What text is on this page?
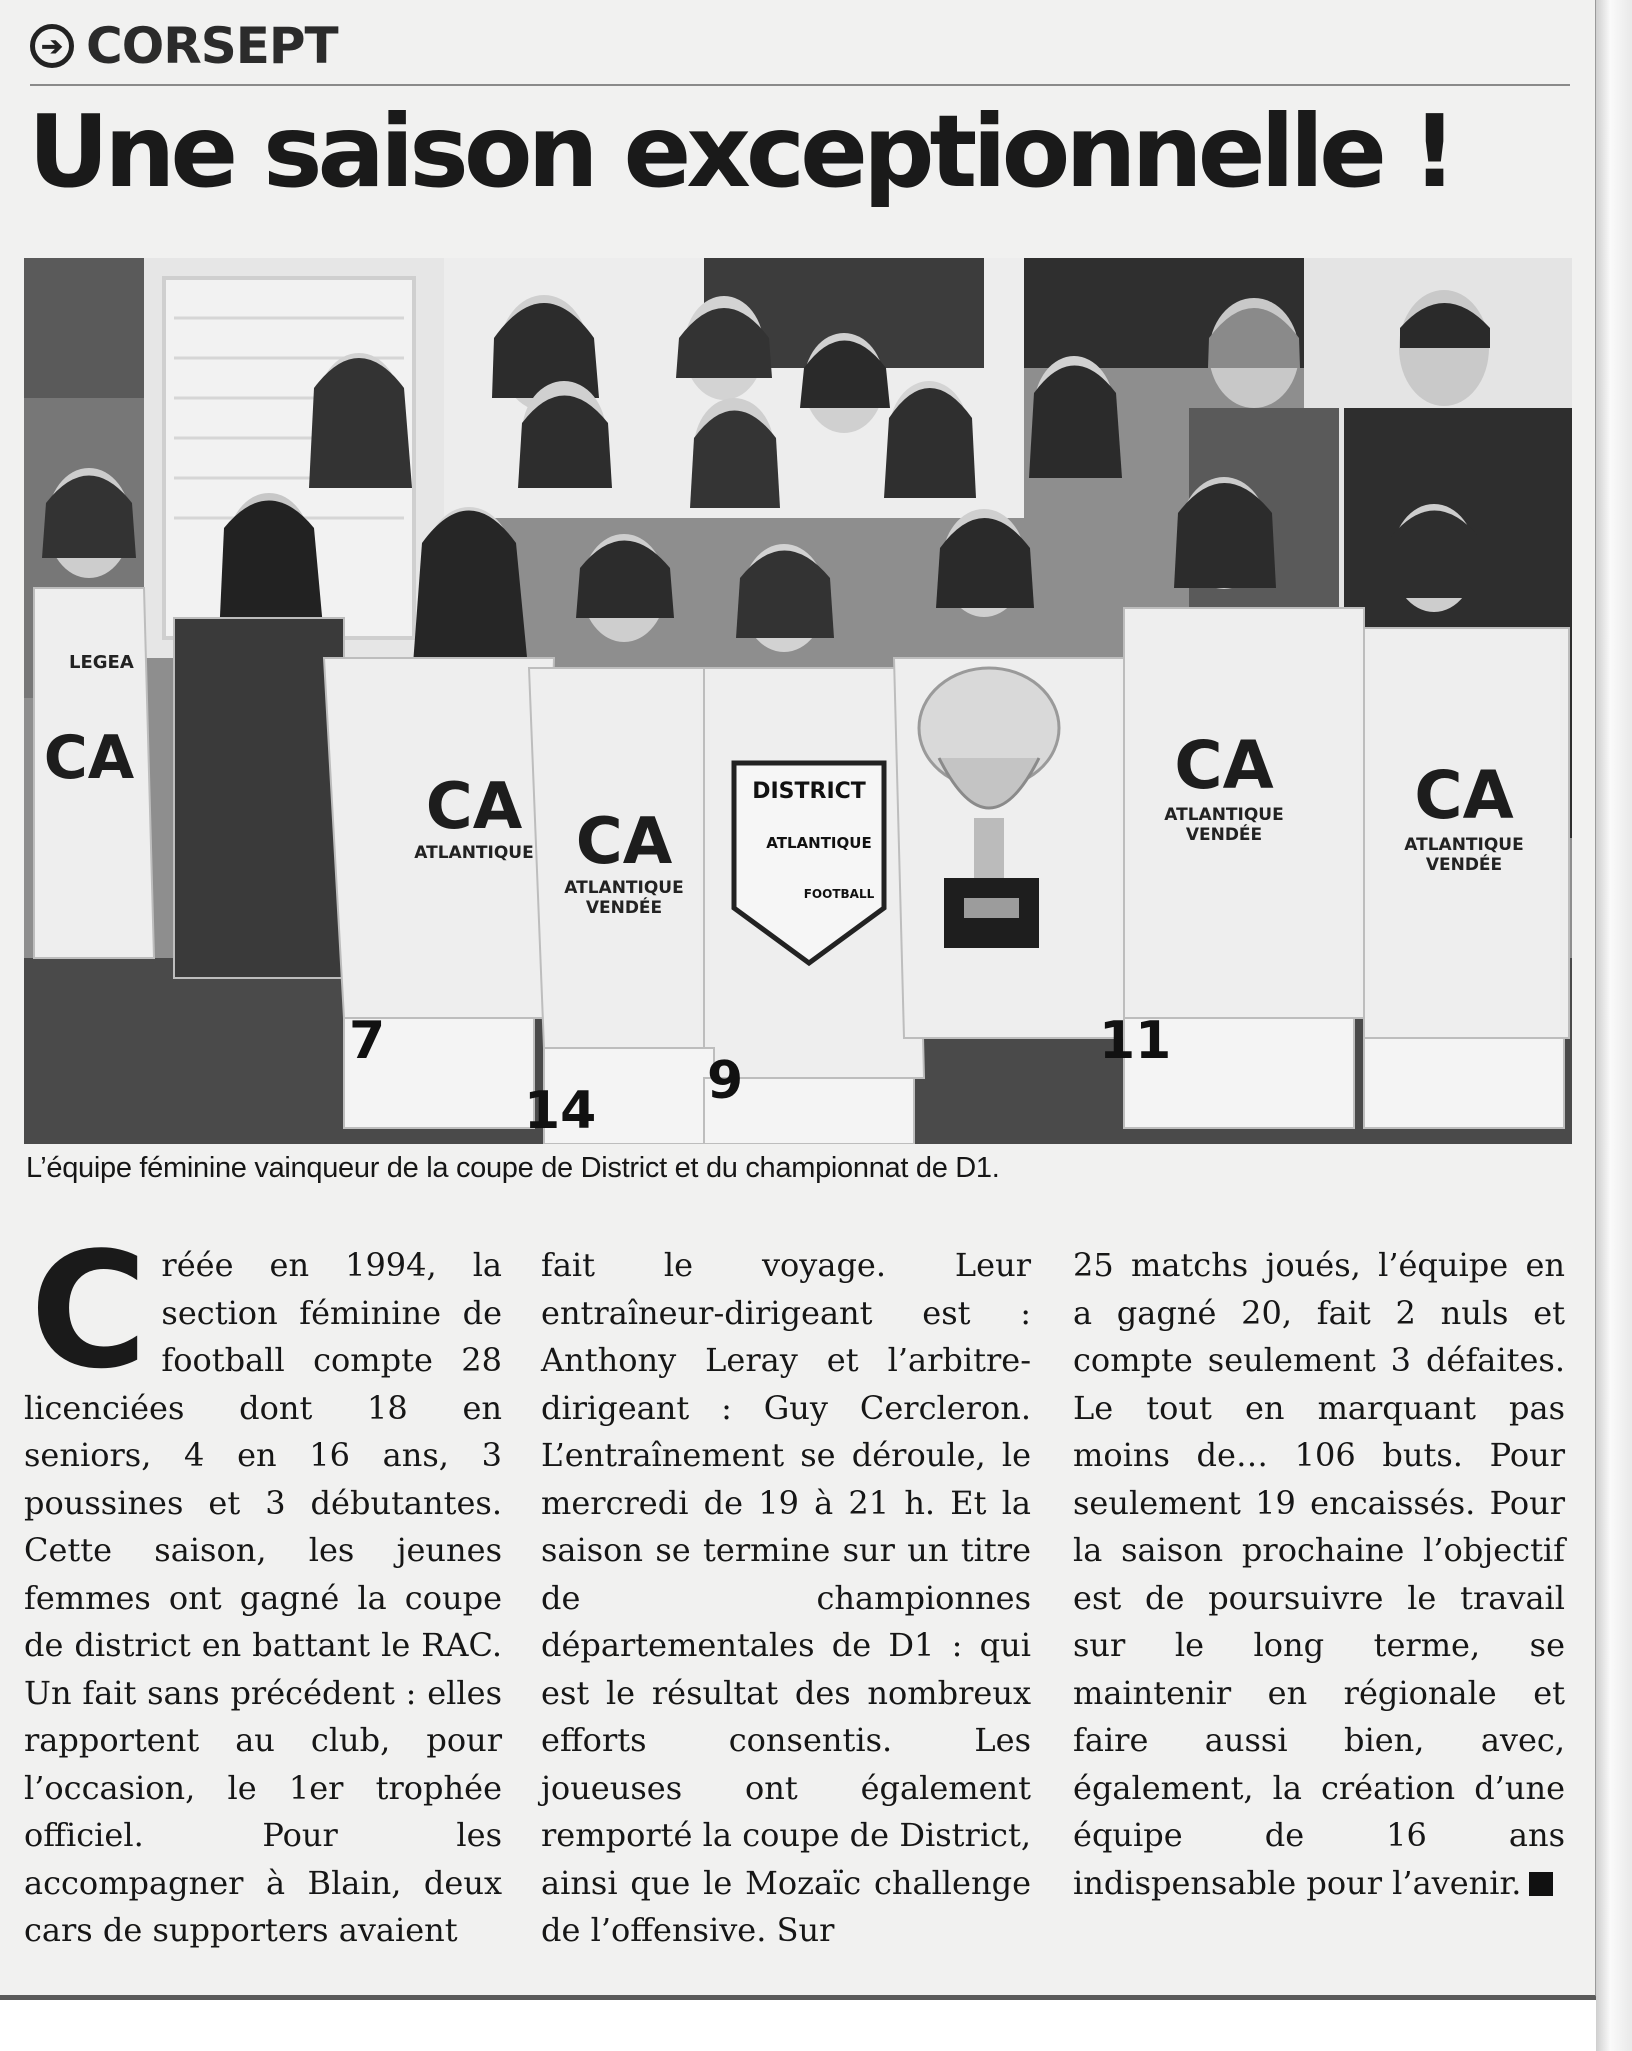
➔ CORSEPT
Une saison exceptionnelle !
CA
CA CA
CA CA
ATLANTIQUE
ATLANTIQUE
VENDÉE
ATLANTIQUE
VENDÉE	ATLANTIQUE
VENDÉE
LEGEA
DISTRICT
ATLANTIQUE
FOOTBALL
7
14 9
11

L’équipe féminine vainqueur de la coupe de District et du championnat de D1.

Créée en 1994, la section féminine de football compte 28 licenciées dont 18 en seniors, 4 en 16 ans, 3 poussines et 3 débutantes. Cette saison, les jeunes femmes ont gagné la coupe de district en battant le RAC. Un fait sans précédent : elles rapportent au club, pour l’occasion, le 1er trophée officiel. Pour les accompagner à Blain, deux cars de supporters avaient

fait le voyage. Leur entraîneur-dirigeant est : Anthony Leray et l’arbitre-dirigeant : Guy Cercleron. L’entraînement se déroule, le mercredi de 19 à 21 h. Et la saison se termine sur un titre de championnes départementales de D1 : qui est le résultat des nombreux efforts consentis. Les joueuses ont également remporté la coupe de District, ainsi que le Mozaïc challenge de l’offensive. Sur

25 matchs joués, l’équipe en a gagné 20, fait 2 nuls et compte seulement 3 défaites. Le tout en marquant pas moins de… 106 buts. Pour seulement 19 encaissés. Pour la saison prochaine l’objectif est de poursuivre le travail sur le long terme, se maintenir en régionale et faire aussi bien, avec, également, la création d’une équipe de 16 ans indispensable pour l’avenir.
